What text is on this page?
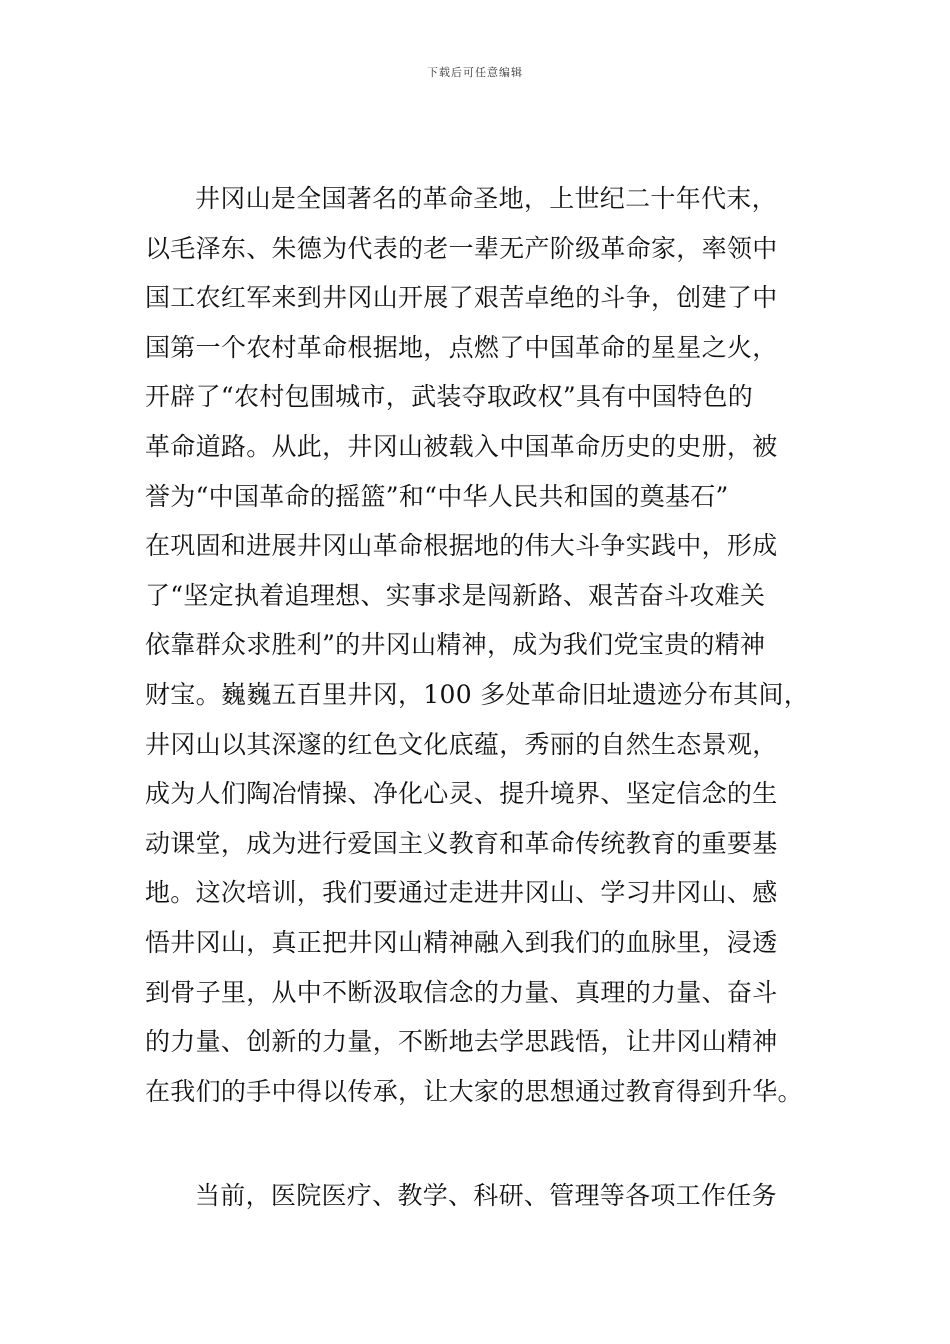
下载后可任意编辑
井冈山是全国著名的革命圣地，上世纪二十年代末，
以毛泽东、朱德为代表的老一辈无产阶级革命家，率领中
国工农红军来到井冈山开展了艰苦卓绝的斗争，创建了中
国第一个农村革命根据地，点燃了中国革命的星星之火，
开辟了“农村包围城市，武装夺取政权”具有中国特色的
革命道路。从此，井冈山被载入中国革命历史的史册，被
誉为“中国革命的摇篮”和“中华人民共和国的奠基石”
在巩固和进展井冈山革命根据地的伟大斗争实践中，形成
了“坚定执着追理想、实事求是闯新路、艰苦奋斗攻难关
依靠群众求胜利”的井冈山精神，成为我们党宝贵的精神
财宝。巍巍五百里井冈，100 多处革命旧址遗迹分布其间，
井冈山以其深邃的红色文化底蕴，秀丽的自然生态景观，
成为人们陶冶情操、净化心灵、提升境界、坚定信念的生
动课堂，成为进行爱国主义教育和革命传统教育的重要基
地。这次培训，我们要通过走进井冈山、学习井冈山、感
悟井冈山，真正把井冈山精神融入到我们的血脉里，浸透
到骨子里，从中不断汲取信念的力量、真理的力量、奋斗
的力量、创新的力量，不断地去学思践悟，让井冈山精神
在我们的手中得以传承，让大家的思想通过教育得到升华。
当前，医院医疗、教学、科研、管理等各项工作任务
